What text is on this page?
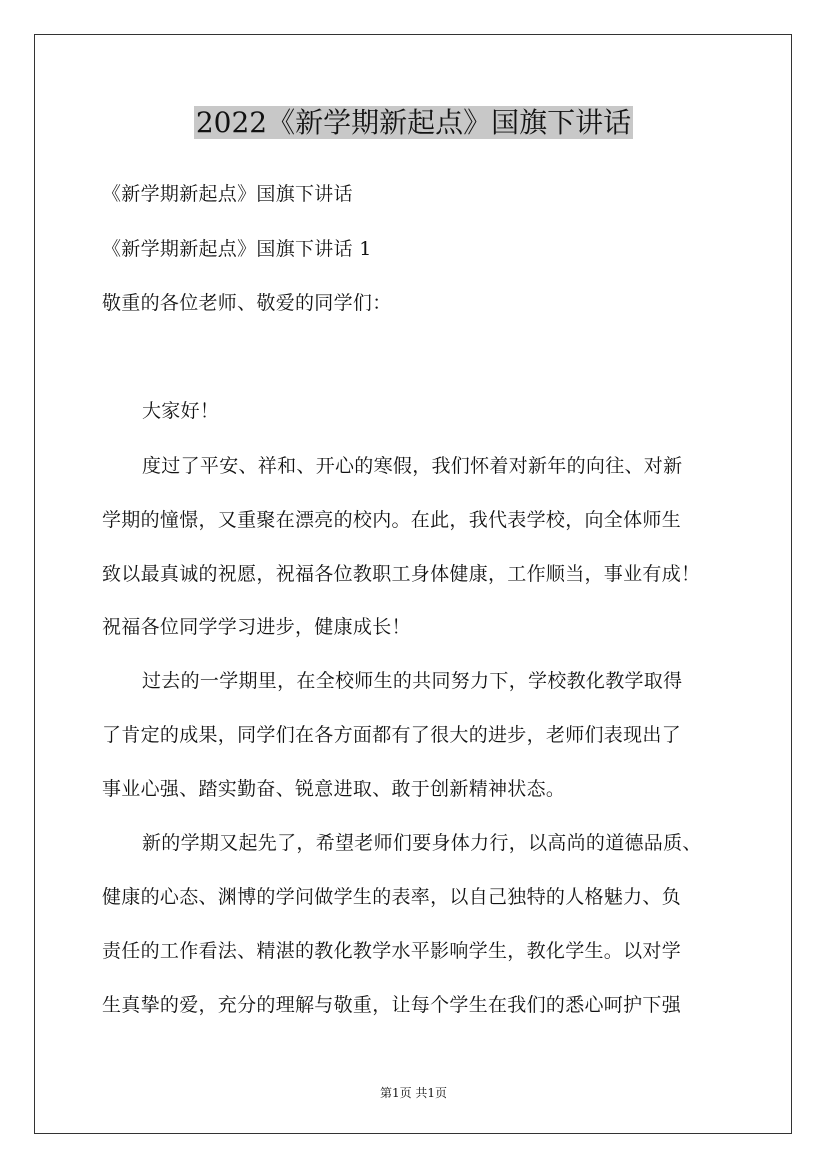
2022《新学期新起点》国旗下讲话

《新学期新起点》国旗下讲话

《新学期新起点》国旗下讲话 1

敬重的各位老师、敬爱的同学们：

大家好！

度过了平安、祥和、开心的寒假，我们怀着对新年的向往、对新

学期的憧憬，又重聚在漂亮的校内。在此，我代表学校，向全体师生

致以最真诚的祝愿，祝福各位教职工身体健康，工作顺当，事业有成！

祝福各位同学学习进步，健康成长！

过去的一学期里，在全校师生的共同努力下，学校教化教学取得

了肯定的成果，同学们在各方面都有了很大的进步，老师们表现出了

事业心强、踏实勤奋、锐意进取、敢于创新精神状态。

新的学期又起先了，希望老师们要身体力行，以高尚的道德品质、

健康的心态、渊博的学问做学生的表率，以自己独特的人格魅力、负

责任的工作看法、精湛的教化教学水平影响学生，教化学生。以对学

生真挚的爱，充分的理解与敬重，让每个学生在我们的悉心呵护下强

第1页 共1页
